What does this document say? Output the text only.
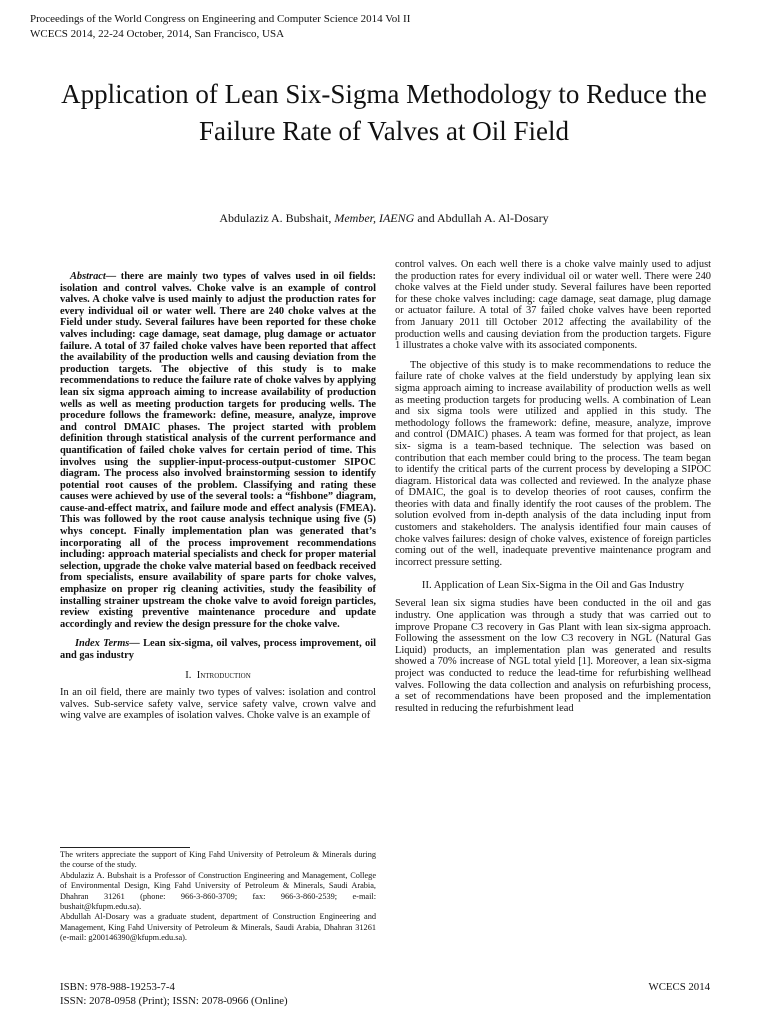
Proceedings of the World Congress on Engineering and Computer Science 2014 Vol II
WCECS 2014, 22-24 October, 2014, San Francisco, USA
Application of Lean Six-Sigma Methodology to Reduce the Failure Rate of Valves at Oil Field
Abdulaziz A. Bubshait, Member, IAENG and Abdullah A. Al-Dosary

Abstract— there are mainly two types of valves used in oil fields: isolation and control valves. Choke valve is an example of control valves. A choke valve is used mainly to adjust the production rates for every individual oil or water well. There are 240 choke valves at the Field under study. Several failures have been reported for these choke valves including: cage damage, seat damage, plug damage or actuator failure. A total of 37 failed choke valves have been reported that affect the availability of the production wells and causing deviation from the production targets. The objective of this study is to make recommendations to reduce the failure rate of choke valves by applying lean six sigma approach aiming to increase availability of production wells as well as meeting production targets for producing wells. The procedure follows the framework: define, measure, analyze, improve and control DMAIC phases. The project started with problem definition through statistical analysis of the current performance and quantification of failed choke valves for certain period of time. This involves using the supplier-input-process-output-customer SIPOC diagram. The process also involved brainstorming session to identify potential root causes of the problem. Classifying and rating these causes were achieved by use of the several tools: a “fishbone” diagram, cause-and-effect matrix, and failure mode and effect analysis (FMEA). This was followed by the root cause analysis technique using five (5) whys concept. Finally implementation plan was generated that’s incorporating all of the process improvement recommendations including: approach material specialists and check for proper material selection, upgrade the choke valve material based on feedback received from specialists, ensure availability of spare parts for choke valves, emphasize on proper rig cleaning activities, study the feasibility of installing strainer upstream the choke valve to avoid foreign particles, review existing preventive maintenance procedure and update accordingly and review the design pressure for the choke valve.

Index Terms— Lean six-sigma, oil valves, process improvement, oil and gas industry

I. Introduction

In an oil field, there are mainly two types of valves: isolation and control valves. Sub-service safety valve, service safety valve, crown valve and wing valve are examples of isolation valves. Choke valve is an example of

The writers appreciate the support of King Fahd University of Petroleum & Minerals during the course of the study.

Abdulaziz A. Bubshait is a Professor of Construction Engineering and Management, College of Environmental Design, King Fahd University of Petroleum & Minerals, Saudi Arabia, Dhahran 31261 (phone: 966-3-860-3709; fax: 966-3-860-2539; e-mail: bushait@kfupm.edu.sa).

Abdullah Al-Dosary was a graduate student, department of Construction Engineering and Management, King Fahd University of Petroleum & Minerals, Saudi Arabia, Dhahran 31261 (e-mail: g200146390@kfupm.edu.sa).

control valves. On each well there is a choke valve mainly used to adjust the production rates for every individual oil or water well. There were 240 choke valves at the Field under study. Several failures have been reported for these choke valves including: cage damage, seat damage, plug damage or actuator failure. A total of 37 failed choke valves have been reported from January 2011 till October 2012 affecting the availability of the production wells and causing deviation from the production targets. Figure 1 illustrates a choke valve with its associated components.

The objective of this study is to make recommendations to reduce the failure rate of choke valves at the field understudy by applying lean six sigma approach aiming to increase availability of production wells as well as meeting production targets for producing wells. A combination of Lean and six sigma tools were utilized and applied in this study. The methodology follows the framework: define, measure, analyze, improve and control (DMAIC) phases. A team was formed for that project, as lean six- sigma is a team-based technique. The selection was based on contribution that each member could bring to the process. The team began to identify the critical parts of the current process by developing a SIPOC diagram. Historical data was collected and reviewed. In the analyze phase of DMAIC, the goal is to develop theories of root causes, confirm the theories with data and finally identify the root causes of the problem. The solution evolved from in-depth analysis of the data including input from customers and stakeholders. The analysis identified four main causes of choke valves failures: design of choke valves, existence of foreign particles coming out of the well, inadequate preventive maintenance program and incorrect pressure setting.

II. Application of Lean Six-Sigma in the Oil and Gas Industry

Several lean six sigma studies have been conducted in the oil and gas industry. One application was through a study that was carried out to improve Propane C3 recovery in Gas Plant with lean six-sigma approach. Following the assessment on the low C3 recovery in NGL (Natural Gas Liquid) products, an implementation plan was generated and results showed a 70% increase of NGL total yield [1]. Moreover, a lean six-sigma project was conducted to reduce the lead-time for refurbishing wellhead valves. Following the data collection and analysis on refurbishing process, a set of recommendations have been proposed and the implementation resulted in reducing the refurbishment lead

ISBN: 978-988-19253-7-4
ISSN: 2078-0958 (Print); ISSN: 2078-0966 (Online)
WCECS 2014
